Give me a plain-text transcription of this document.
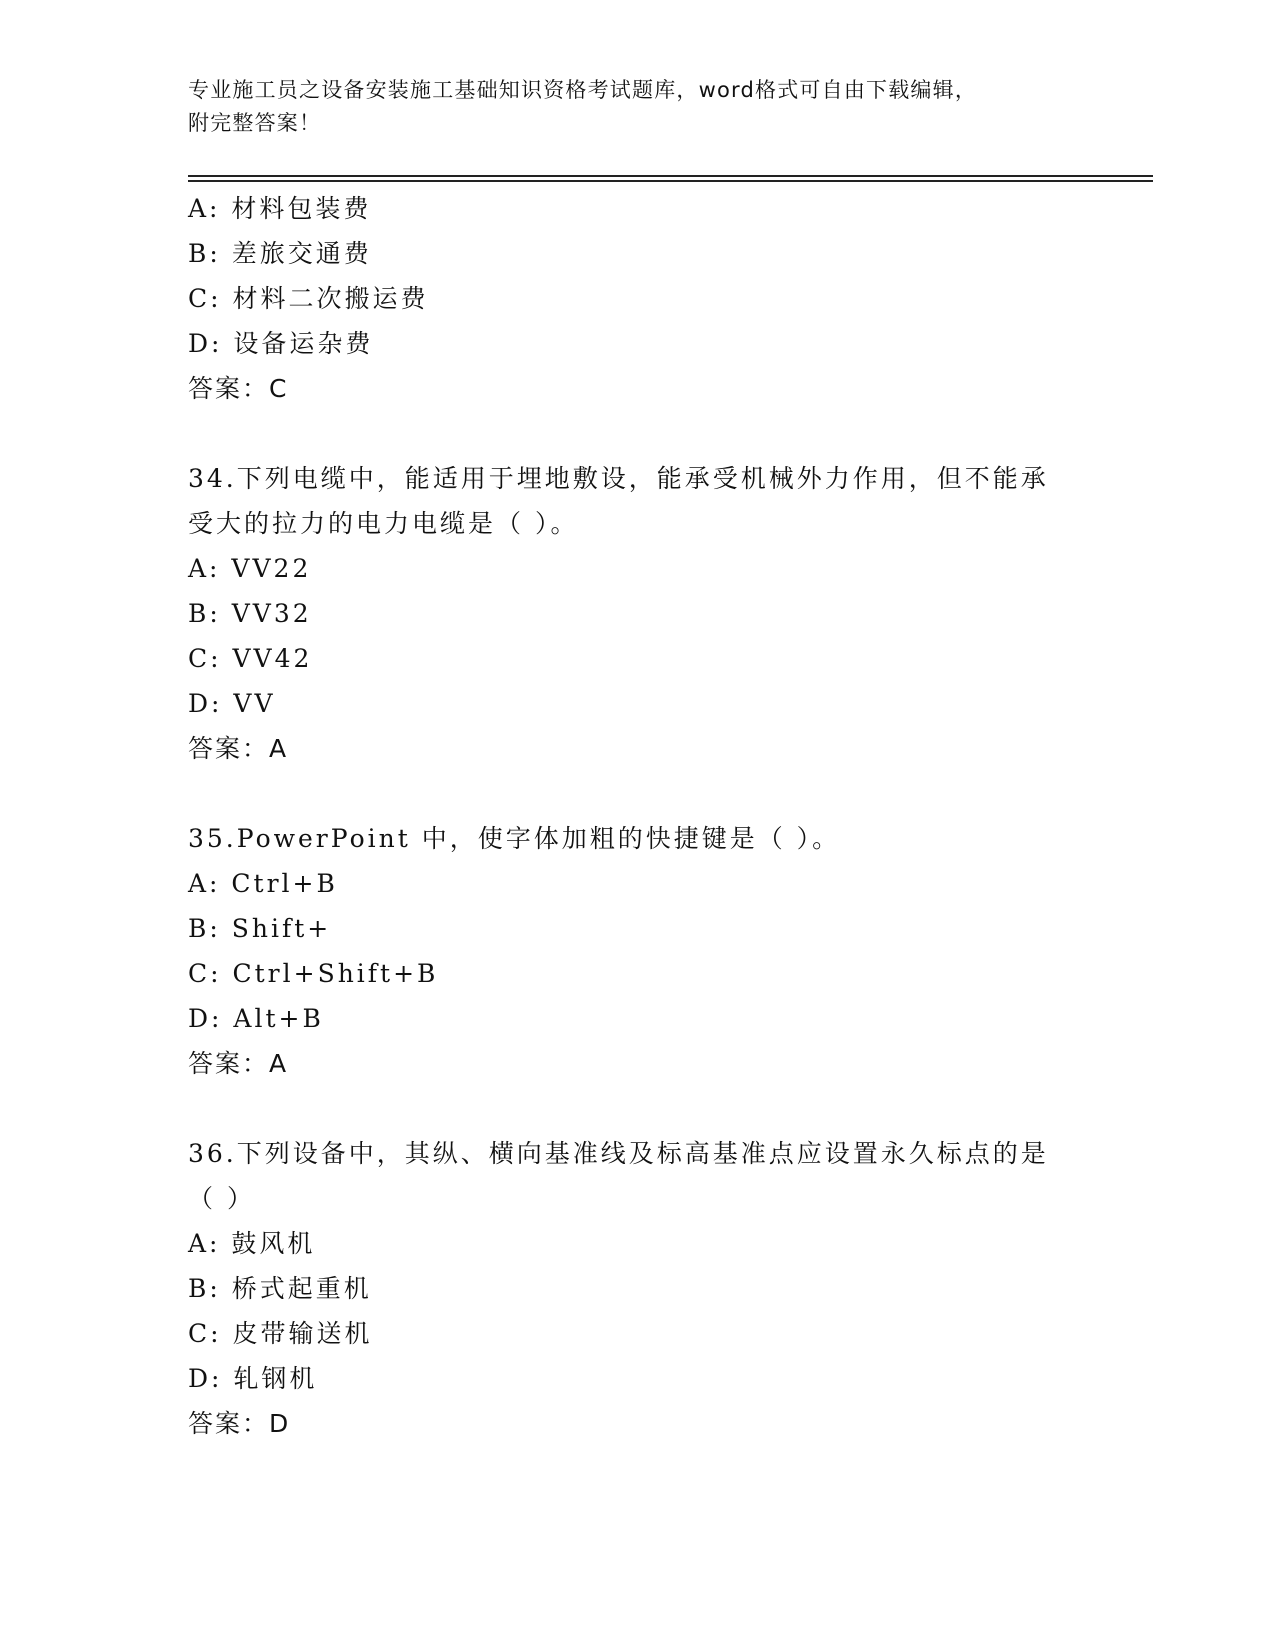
专业施工员之设备安装施工基础知识资格考试题库，word格式可自由下载编辑，
附完整答案！
A: 材料包装费
B: 差旅交通费
C: 材料二次搬运费
D: 设备运杂费
答案：C
34.下列电缆中，能适用于埋地敷设，能承受机械外力作用，但不能承
受大的拉力的电力电缆是（ ）。
A: VV22
B: VV32
C: VV42
D: VV
答案：A
35.PowerPoint 中，使字体加粗的快捷键是（ ）。
A: Ctrl+B
B: Shift+
C: Ctrl+Shift+B
D: Alt+B
答案：A
36.下列设备中，其纵、横向基准线及标高基准点应设置永久标点的是
（ ）
A: 鼓风机
B: 桥式起重机
C: 皮带输送机
D: 轧钢机
答案：D
